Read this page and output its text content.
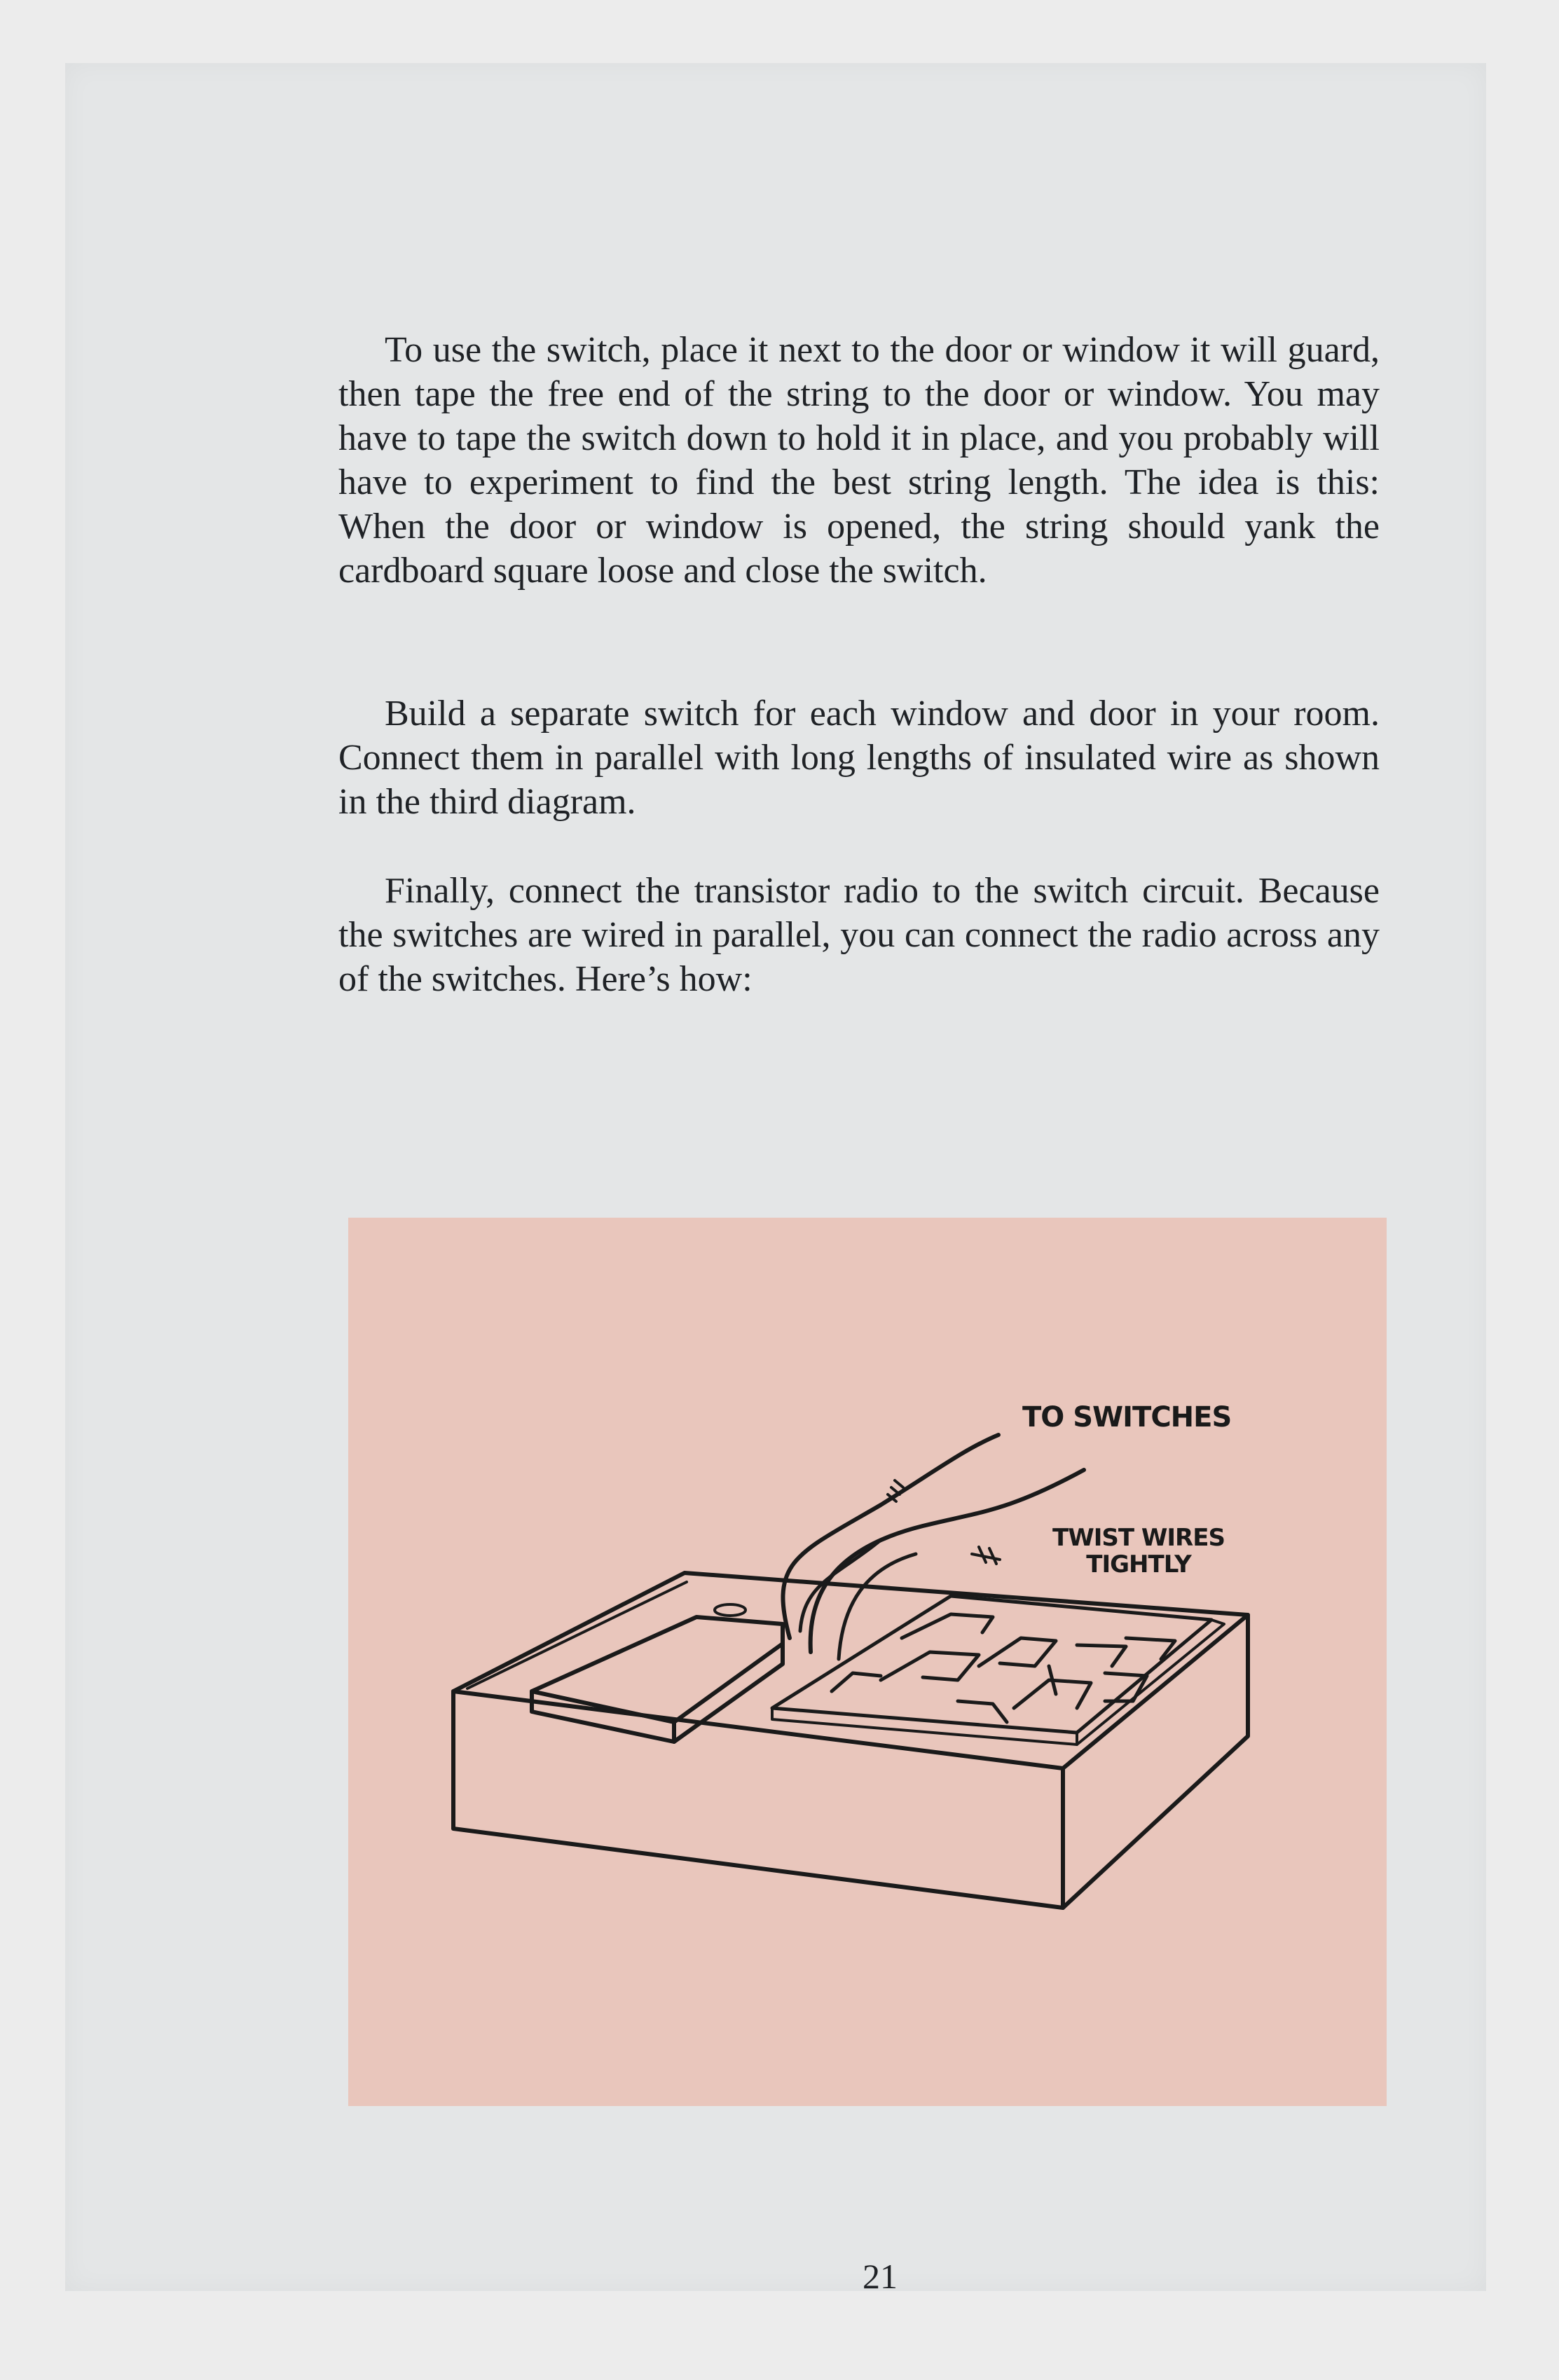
To use the switch, place it next to the door or window it will guard, then tape the free end of the string to the door or window. You may have to tape the switch down to hold it in place, and you probably will have to experiment to find the best string length. The idea is this: When the door or window is opened, the string should yank the cardboard square loose and close the switch.

Build a separate switch for each window and door in your room. Connect them in parallel with long lengths of insulated wire as shown in the third diagram.

Finally, connect the transistor radio to the switch circuit. Because the switches are wired in parallel, you can connect the radio across any of the switches. Here’s how:

TO SWITCHES

TWIST WIRES
TIGHTLY
21
